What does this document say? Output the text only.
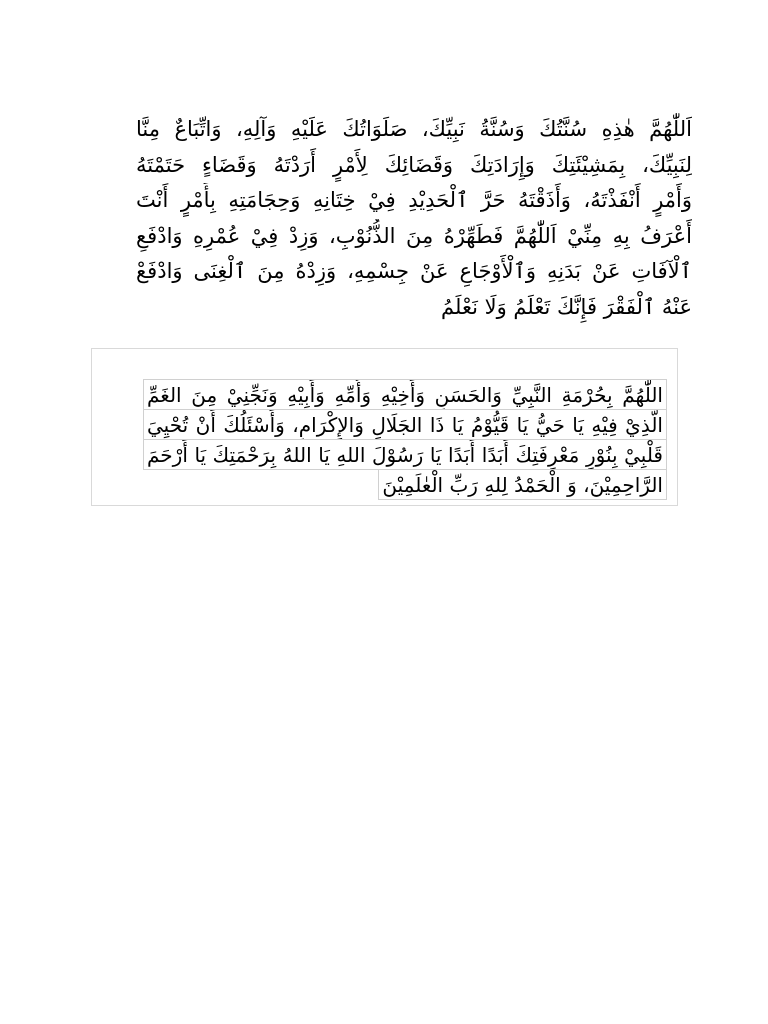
اَللّٰهُمَّ هٰذِهِ سُنَّتُكَ وَسُنَّةُ نَبِيِّكَ، صَلَوَاتُكَ عَلَيْهِ وَآلِهِ، وَاتِّبَاعٌ مِنَّا
لِنَبِيِّكَ، بِمَشِيْئَتِكَ وَإِرَادَتِكَ وَقَضَائِكَ لِأَمْرٍ أَرَدْتَهُ وَقَضَاءٍ حَتَمْتَهُ
وَأَمْرٍ أَنْفَذْتَهُ، وَأَذَقْتَهُ حَرَّ ٱلْحَدِيْدِ فِيْ خِتَانِهِ وَحِجَامَتِهِ بِأَمْرٍ أَنْتَ
أَعْرَفُ بِهِ مِنِّيْ اَللّٰهُمَّ فَطَهِّرْهُ مِنَ الذُّنُوْبِ، وَزِدْ فِيْ عُمْرِهِ وَادْفَعِ
ٱلْآفَاتِ عَنْ بَدَنِهِ وَٱلْأَوْجَاعِ عَنْ جِسْمِهِ، وَزِدْهُ مِنَ ٱلْغِنَى وَادْفَعْ
عَنْهُ ٱلْفَقْرَ فَإِنَّكَ تَعْلَمُ وَلَا نَعْلَمُ
اللّٰهُمَّ بِحُرْمَةِ النَّبِيِّ وَالحَسَنِ وَأَخِيْهِ وَأُمِّهِ وَأَبِيْهِ وَنَجِّنِيْ مِنَ الغَمِّ
الَّذِيْ فِيْهِ يَا حَيُّ يَا قَيُّوْمُ يَا ذَا الجَلَالِ وَالإِكْرَامِ، وَأَسْئَلُكَ أَنْ تُحْيِيَ
قَلْبِيْ بِنُوْرِ مَعْرِفَتِكَ أَبَدًا أَبَدًا يَا رَسُوْلَ اللهِ يَا اللهُ بِرَحْمَتِكَ يَا أَرْحَمَ
الرَّاحِمِيْنَ، وَ الْحَمْدُ لِلهِ رَبِّ الْعٰلَمِيْنَ
